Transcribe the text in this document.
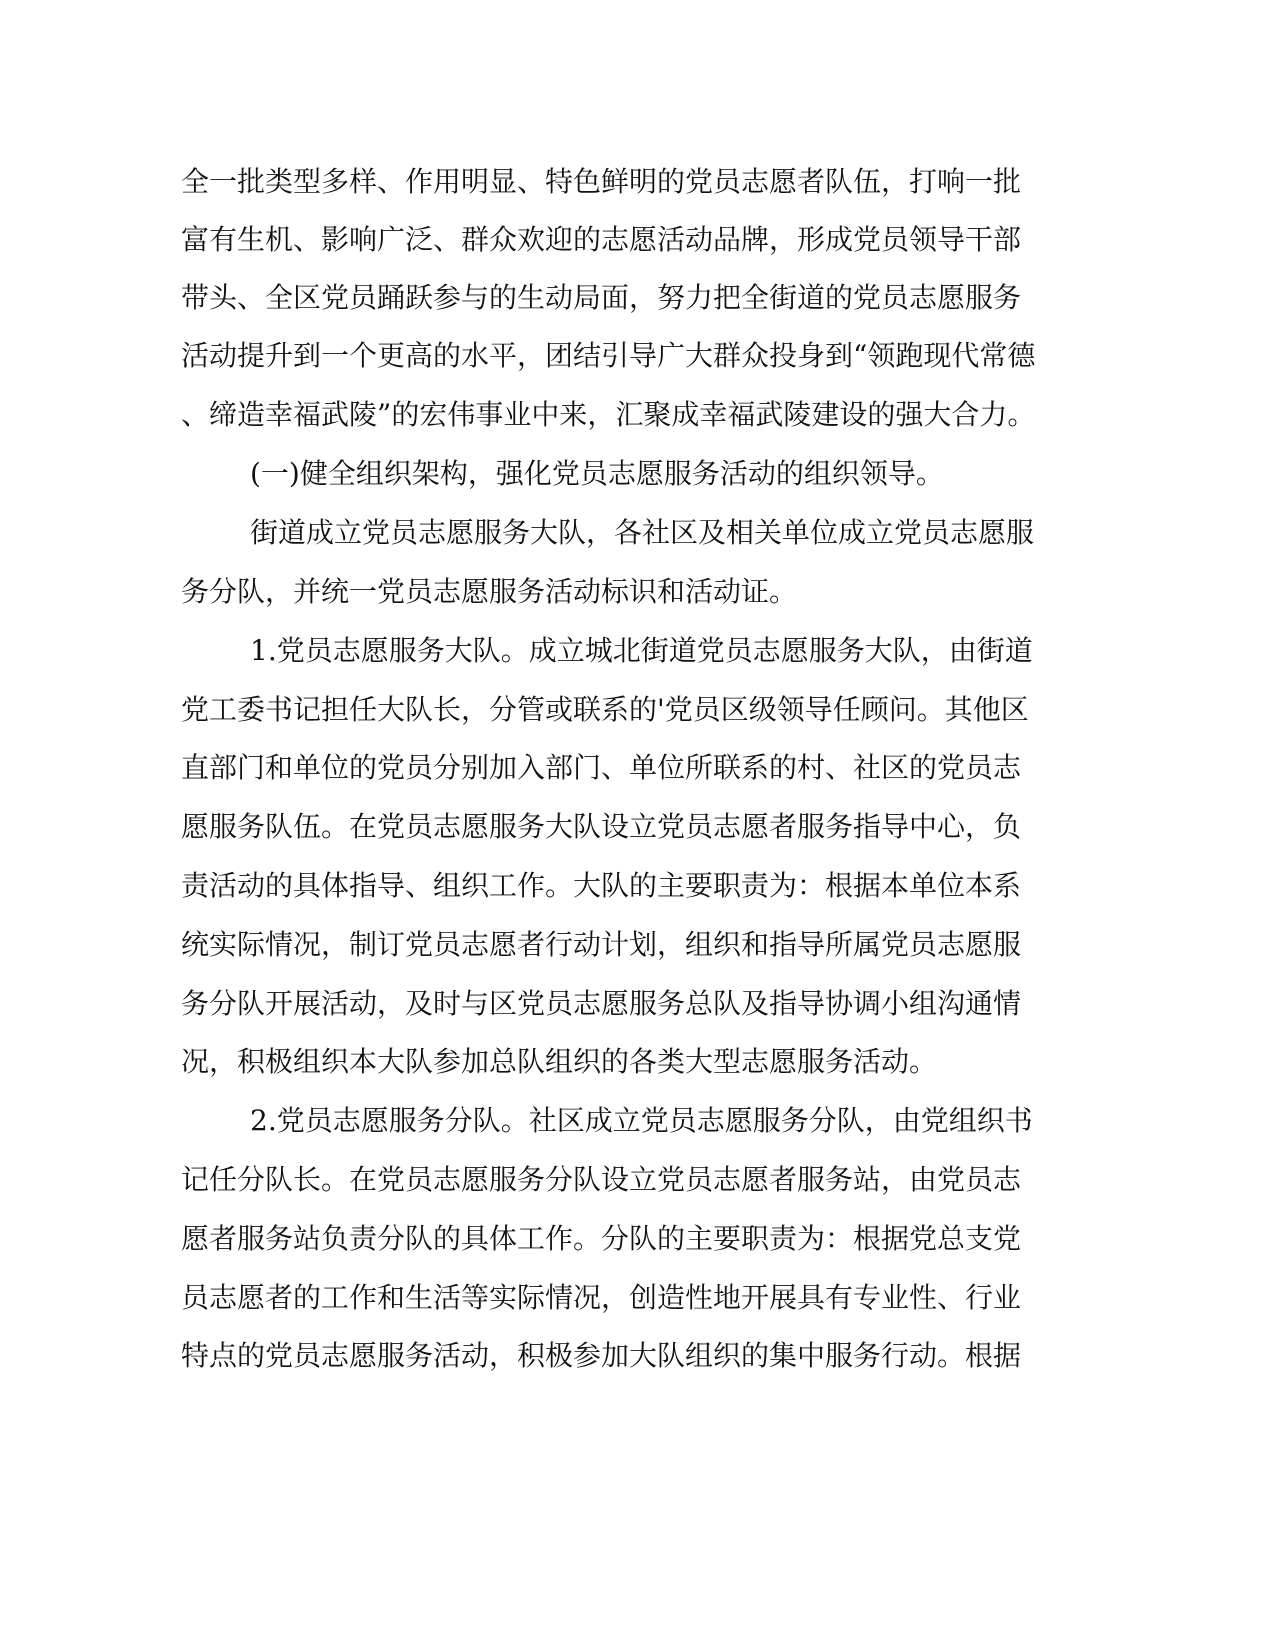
全一批类型多样、作用明显、特色鲜明的党员志愿者队伍，打响一批
富有生机、影响广泛、群众欢迎的志愿活动品牌，形成党员领导干部
带头、全区党员踊跃参与的生动局面，努力把全街道的党员志愿服务
活动提升到一个更高的水平，团结引导广大群众投身到“领跑现代常德
、缔造幸福武陵”的宏伟事业中来，汇聚成幸福武陵建设的强大合力。
(一)健全组织架构，强化党员志愿服务活动的组织领导。
街道成立党员志愿服务大队，各社区及相关单位成立党员志愿服
务分队，并统一党员志愿服务活动标识和活动证。
1.党员志愿服务大队。成立城北街道党员志愿服务大队，由街道
党工委书记担任大队长，分管或联系的'党员区级领导任顾问。其他区
直部门和单位的党员分别加入部门、单位所联系的村、社区的党员志
愿服务队伍。在党员志愿服务大队设立党员志愿者服务指导中心，负
责活动的具体指导、组织工作。大队的主要职责为：根据本单位本系
统实际情况，制订党员志愿者行动计划，组织和指导所属党员志愿服
务分队开展活动，及时与区党员志愿服务总队及指导协调小组沟通情
况，积极组织本大队参加总队组织的各类大型志愿服务活动。
2.党员志愿服务分队。社区成立党员志愿服务分队，由党组织书
记任分队长。在党员志愿服务分队设立党员志愿者服务站，由党员志
愿者服务站负责分队的具体工作。分队的主要职责为：根据党总支党
员志愿者的工作和生活等实际情况，创造性地开展具有专业性、行业
特点的党员志愿服务活动，积极参加大队组织的集中服务行动。根据
